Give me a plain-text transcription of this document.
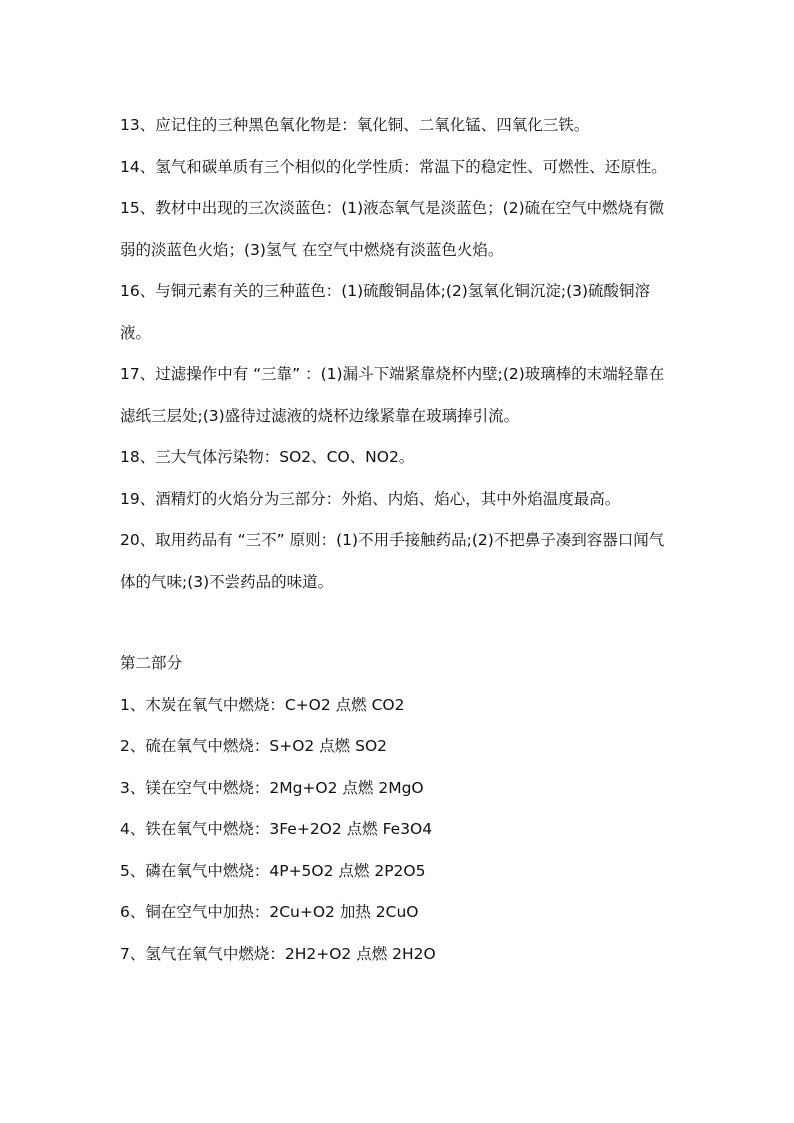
13、应记住的三种黑色氧化物是：氧化铜、二氧化锰、四氧化三铁。

14、氢气和碳单质有三个相似的化学性质：常温下的稳定性、可燃性、还原性。

15、教材中出现的三次淡蓝色：(1)液态氧气是淡蓝色；(2)硫在空气中燃烧有微弱的淡蓝色火焰；(3)氢气 在空气中燃烧有淡蓝色火焰。

16、与铜元素有关的三种蓝色：(1)硫酸铜晶体;(2)氢氧化铜沉淀;(3)硫酸铜溶液。

17、过滤操作中有 “三靠” ：(1)漏斗下端紧靠烧杯内壁;(2)玻璃棒的末端轻靠在滤纸三层处;(3)盛待过滤液的烧杯边缘紧靠在玻璃捧引流。

18、三大气体污染物：SO2、CO、NO2。

19、酒精灯的火焰分为三部分：外焰、内焰、焰心，其中外焰温度最高。

20、取用药品有 “三不” 原则：(1)不用手接触药品;(2)不把鼻子凑到容器口闻气体的气味;(3)不尝药品的味道。

第二部分

1、木炭在氧气中燃烧：C+O2 点燃 CO2

2、硫在氧气中燃烧：S+O2 点燃 SO2

3、镁在空气中燃烧：2Mg+O2 点燃 2MgO

4、铁在氧气中燃烧：3Fe+2O2 点燃 Fe3O4

5、磷在氧气中燃烧：4P+5O2 点燃 2P2O5

6、铜在空气中加热：2Cu+O2 加热 2CuO

7、氢气在氧气中燃烧：2H2+O2 点燃 2H2O
